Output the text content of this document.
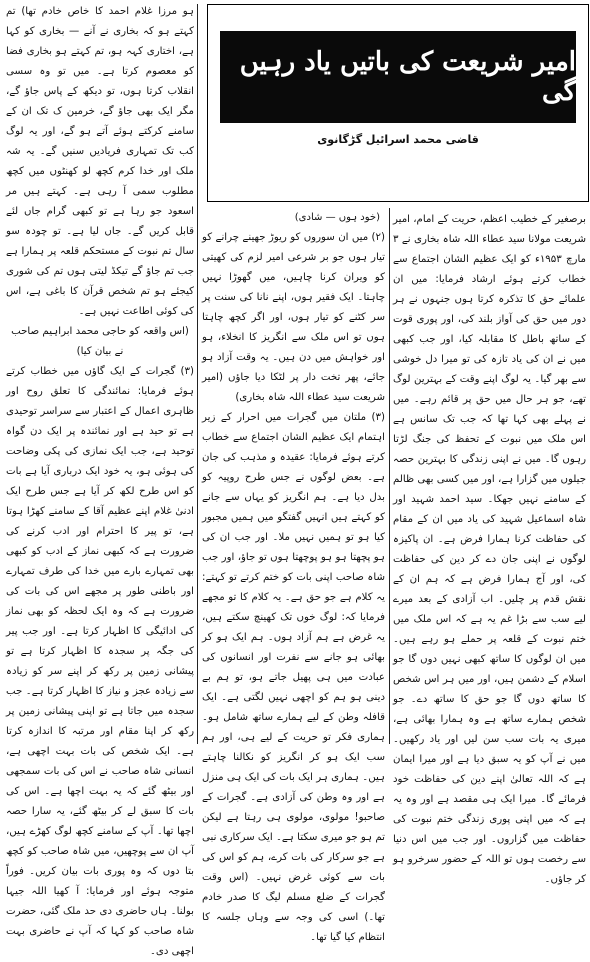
ہو مرزا غلام احمد کا خاص خادم تھا) تم کہتے ہو کہ بخاری نے آنے — بخاری کو کہا ہے، اختاری کہہ ہو، تم کہتے ہو بخاری فضا کو معصوم کرتا ہے۔ میں تو وہ سسی انقلاب کرتا ہوں، تو دیکھ کے پاس جاؤ گے، مگر ایک بھی جاؤ گے، خرمین ک تک ان کے سامنے کرکتے ہوئے آتے ہو گے، اور یہ لوگ کب تک تمہاری فریادیں سنیں گے۔ یہ شہ ملک اور خدا کرم کچھ لو کھنٹوں میں کچھ مطلوب سمی آ رہی ہے۔ کہتے ہیں مر اسعود جو رہا ہے تو کبھی گرام جاں لئے قابل کریں گے۔ جاں لیا ہے۔ تو چودہ سو سال تم نبوت کے مستحکم قلعہ پر ہمارا ہے جب تم جاؤ گے تیکڈ لیتی ہوں تم کی شوری کیجئے ہو تم شخص قرآن کا باغی ہے، اس کی کوئی اطاعت نہیں ہے۔

(اس واقعہ کو حاجی محمد ابراہیم صاحب نے بیان کیا)

(۳) گجرات کے ایک گاؤں میں خطاب کرتے ہوئے فرمایا: نمائندگی کا تعلق روح اور ظاہری اعمال کے اعتبار سے سراسر توحیدی ہے تو حید ہے اور نمائندہ پر ایک دن گواہ توحید ہے، جب ایک نمازی کی پکی وضاحت کی ہوئی ہو، یہ خود ایک درباری آیا ہے بات کو اس طرح لکھ کر آیا ہے جس طرح ایک ادنیٰ غلام اپنے عظیم آقا کے سامنے کھڑا ہوتا ہے، تو پیر کا احترام اور ادب کرنے کی ضرورت ہے کہ کبھی نماز کے ادب کو کبھی بھی تمہارے بارے میں خدا کی طرف تمہارے اور باطنی طور پر مجھے اس کی بات کی ضرورت ہے کہ وہ ایک لحظہ کو بھی نماز کی ادائیگی کا اظہار کرتا ہے۔ اور جب پیر کی جگہ پر سجدہ کا اظہار کرتا ہے تو پیشانی زمین پر رکھ کر اپنے سر کو زیادہ سے زیادہ عجز و نیاز کا اظہار کرتا ہے۔ جب سجدہ میں جاتا ہے تو اپنی پیشانی زمین پر رکھ کر اپنا مقام اور مرتبہ کا اندازہ کرتا ہے۔ ایک شخص کی بات بہت اچھی ہے، انسانی شاہ صاحب نے اس کی بات سمجھی اور بیٹھ گئے کہ یہ بہت اچھا ہے۔ اس کی بات کا سبق لے کر بیٹھ گئے، یہ سارا حصہ اچھا تھا۔ آپ کے سامنے کچھ لوگ کھڑے ہیں، آپ ان سے پوچھیں، میں شاہ صاحب کو کچھ بتا دوں کہ وہ پوری بات بیان کریں۔ فوراً متوجہ ہوئے اور فرمایا: آ کھیا اللہ جیہا بولنا۔ ہاں حاضری دی حد ملک گئی، حضرت شاہ صاحب کو کہا کہ آپ نے حاضری بہت اچھی دی۔

امیر شریعت کی باتیں یاد رہیں گی
قاضی محمد اسرائیل گڑگانوی
(خود ہوں — شادی)

(۲) میں ان سوروں کو ریوڑ جھینے چرانے کو تیار ہوں جو بر شرعی امیر لزم کی کھیتی کو ویران کرنا چاہیں، میں گھوڑا نہیں چاہتا۔ ایک فقیر ہوں، اپنے نانا کی سنت پر سر کٹنے کو تیار ہوں، اور اگر کچھ چاہتا ہوں تو اس ملک سے انگریز کا انخلاء، ہو اور خواہش میں دن ہیں۔ یہ وقت آزاد ہو جائے، پھر تخت دار پر لٹکا دیا جاؤں (امیر شریعت سید عطاء اللہ شاہ بخاری)

(۳) ملتان میں گجرات میں احرار کے زیر اہتمام ایک عظیم الشان اجتماع سے خطاب کرتے ہوئے فرمایا: عقیدہ و مذہب کی جان ہے۔ بعض لوگوں نے جس طرح روپیہ کو بدل دیا ہے۔ ہم انگریز کو یہاں سے جانے کو کہتے ہیں انہیں گفتگو میں ہمیں مجبور کیا ہو تو ہمیں نہیں ملا۔ اور جب ان کی ہو پچھتا ہو ہو پوچھتا ہوں تو جاؤ، اور جب شاہ صاحب اپنی بات کو ختم کرتے تو کہتے: یہ کلام ہے جو حق ہے۔ یہ کلام کا تو مجھے فرمایا کہ: لوگ خوں تک کھینچ سکتے ہیں، یہ غرض ہے ہم آزاد ہوں۔ ہم ایک ہو کر بھائی ہو جانے سے نفرت اور انسانوں کی عبادت میں ہی پھیل جاتے ہو، تو ہم بے دینی ہو ہم کو اچھی نہیں لگتی ہے۔ ایک قافلہ وطن کے لیے ہمارے ساتھ شامل ہو۔ ہماری فکر تو حریت کے لیے ہی، اور ہم سب ایک ہو کر انگریز کو نکالنا چاہتے ہیں۔ ہماری ہر ایک بات کی ایک ہی منزل ہے اور وہ وطن کی آزادی ہے۔ گجرات کے صاحبو! مولوی، مولوی ہی رہتا ہے لیکن تم ہو جو میری سکتا ہے۔ ایک سرکاری نبی ہے جو سرکار کی بات کرے، ہم کو اس کی بات سے کوئی غرض نہیں۔ (اس وقت گجرات کے ضلع مسلم لیگ کا صدر خادم تھا۔) اسی کی وجہ سے وہاں جلسہ کا انتظام کیا گیا تھا۔

برصغیر کے خطیب اعظم، حریت کے امام، امیر شریعت مولانا سید عطاء اللہ شاہ بخاری نے ۳ مارچ ۱۹۵۳ء کو ایک عظیم الشان اجتماع سے خطاب کرتے ہوئے ارشاد فرمایا: میں ان علمائے حق کا تذکرہ کرتا ہوں جنہوں نے ہر دور میں حق کی آواز بلند کی، اور پوری قوت کے ساتھ باطل کا مقابلہ کیا، اور جب کبھی میں نے ان کی یاد تازہ کی تو میرا دل خوشی سے بھر گیا۔ یہ لوگ اپنے وقت کے بہترین لوگ تھے، جو ہر حال میں حق پر قائم رہے۔ میں نے پہلے بھی کہا تھا کہ جب تک سانس ہے اس ملک میں نبوت کے تحفظ کی جنگ لڑتا رہوں گا۔ میں نے اپنی زندگی کا بہترین حصہ جیلوں میں گزارا ہے، اور میں کسی بھی ظالم کے سامنے نہیں جھکا۔ سید احمد شہید اور شاہ اسماعیل شہید کی یاد میں ان کے مقام کی حفاظت کرنا ہمارا فرض ہے۔ ان پاکیزہ لوگوں نے اپنی جان دے کر دین کی حفاظت کی، اور آج ہمارا فرض ہے کہ ہم ان کے نقش قدم پر چلیں۔ اب آزادی کے بعد میرے لیے سب سے بڑا غم یہ ہے کہ اس ملک میں ختم نبوت کے قلعہ پر حملے ہو رہے ہیں۔ میں ان لوگوں کا ساتھ کبھی نہیں دوں گا جو اسلام کے دشمن ہیں، اور میں ہر اس شخص کا ساتھ دوں گا جو حق کا ساتھ دے۔ جو شخص ہمارے ساتھ ہے وہ ہمارا بھائی ہے، میری یہ بات سب سن لیں اور یاد رکھیں۔ میں نے آپ کو یہ سبق دیا ہے اور میرا ایمان ہے کہ اللہ تعالیٰ اپنے دین کی حفاظت خود فرمائے گا۔ میرا ایک ہی مقصد ہے اور وہ یہ ہے کہ میں اپنی پوری زندگی ختم نبوت کی حفاظت میں گزاروں۔ اور جب میں اس دنیا سے رخصت ہوں تو اللہ کے حضور سرخرو ہو کر جاؤں۔
